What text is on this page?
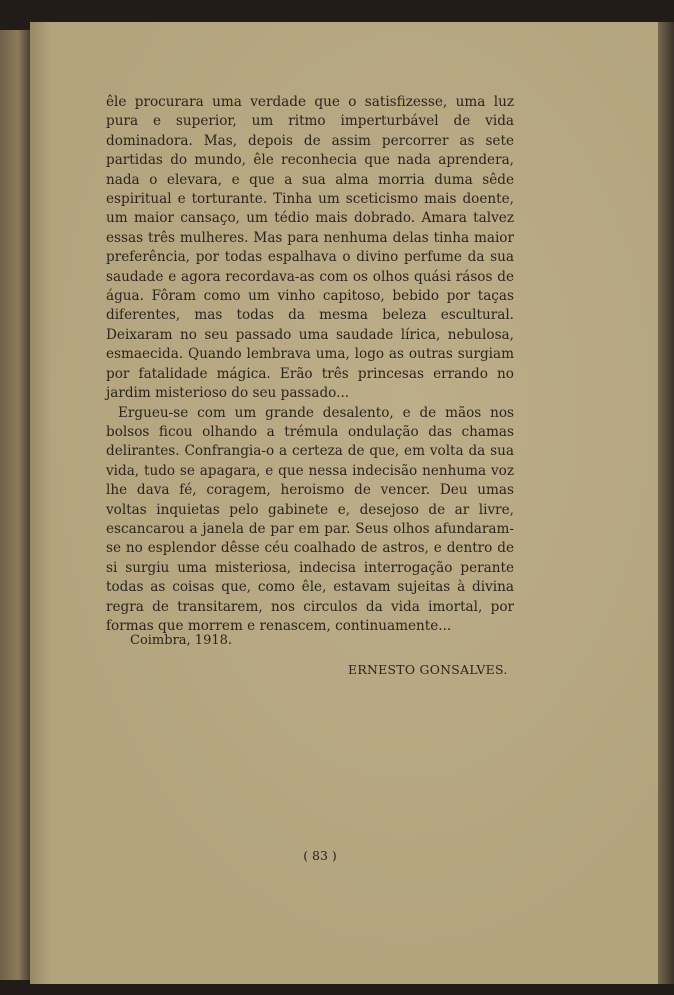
êle procurara uma verdade que o satisfizesse, uma luz pura e superior, um ritmo imperturbável de vida dominadora. Mas, depois de assim percorrer as sete partidas do mundo, êle reconhecia que nada aprendera, nada o elevara, e que a sua alma morria duma sêde espiritual e torturante. Tinha um sceticismo mais doente, um maior cansaço, um tédio mais dobrado. Amara talvez essas três mulheres. Mas para nenhuma delas tinha maior preferência, por todas espalhava o divino perfume da sua saudade e agora recordava-as com os olhos quási rásos de água. Fôram como um vinho capitoso, bebido por taças diferentes, mas todas da mesma beleza escultural. Deixaram no seu passado uma saudade lírica, nebulosa, esmaecida. Quando lembrava uma, logo as outras surgiam por fatalidade mágica. Erão três princesas errando no jardim misterioso do seu passado...

Ergueu-se com um grande desalento, e de mãos nos bolsos ficou olhando a trémula ondulação das chamas delirantes. Confrangia-o a certeza de que, em volta da sua vida, tudo se apagara, e que nessa indecisão nenhuma voz lhe dava fé, coragem, heroismo de vencer. Deu umas voltas inquietas pelo gabinete e, desejoso de ar livre, escancarou a janela de par em par. Seus olhos afundaram-se no esplendor dêsse céu coalhado de astros, e dentro de si surgiu uma misteriosa, indecisa interrogação perante todas as coisas que, como êle, estavam sujeitas à divina regra de transitarem, nos circulos da vida imortal, por formas que morrem e renascem, continuamente...

Coimbra, 1918.
ERNESTO GONSALVES.
( 83 )
